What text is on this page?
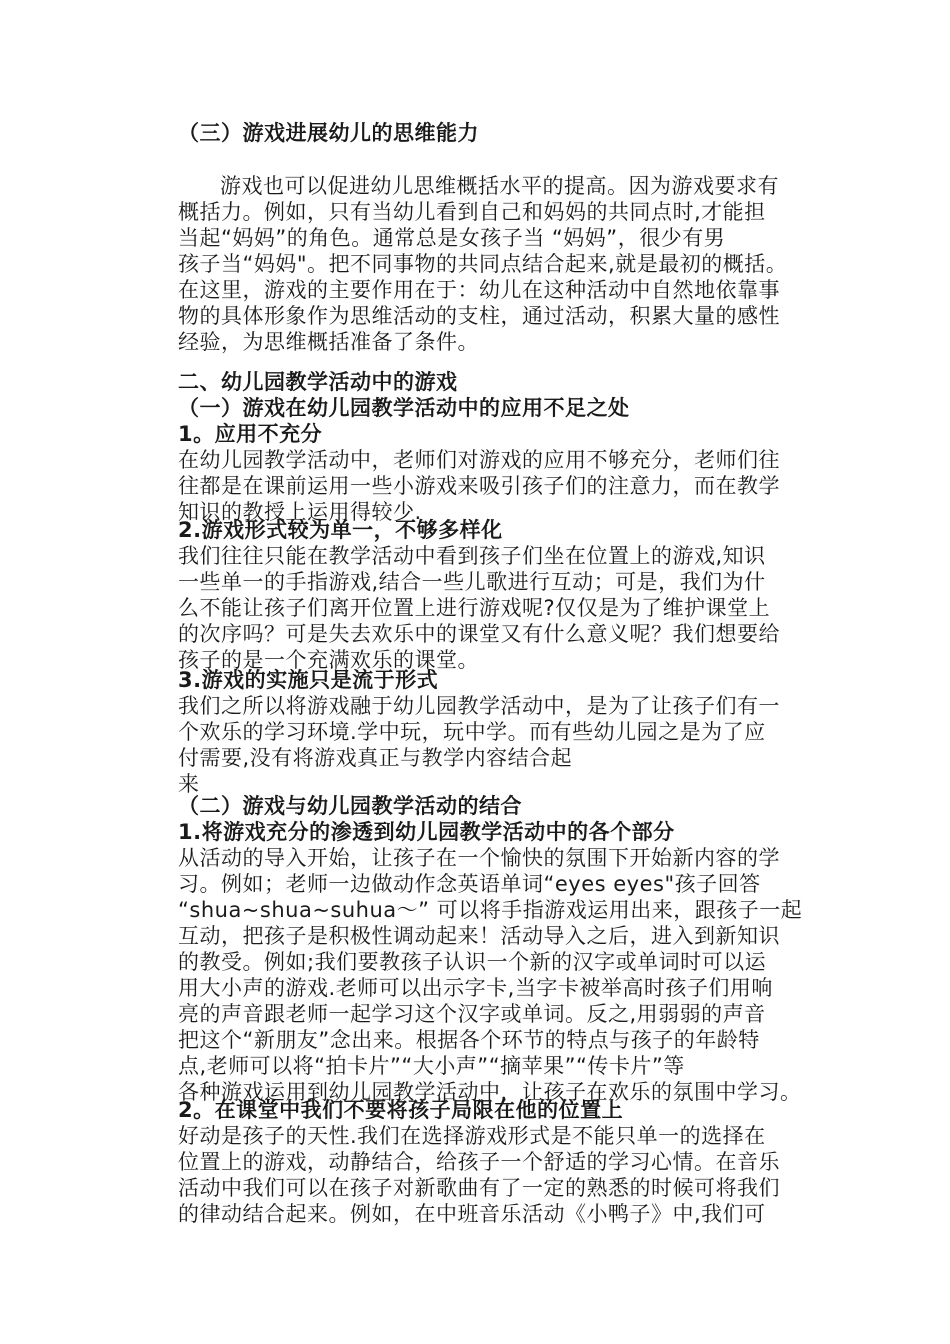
（三）游戏进展幼儿的思维能力
游戏也可以促进幼儿思维概括水平的提高。因为游戏要求有
概括力。例如，只有当幼儿看到自己和妈妈的共同点时,才能担
当起“妈妈”的角色。通常总是女孩子当 “妈妈”，很少有男
孩子当“妈妈"。把不同事物的共同点结合起来,就是最初的概括。
在这里，游戏的主要作用在于：幼儿在这种活动中自然地依靠事
物的具体形象作为思维活动的支柱，通过活动，积累大量的感性
经验，为思维概括准备了条件。
二、幼儿园教学活动中的游戏
（一）游戏在幼儿园教学活动中的应用不足之处
1。应用不充分
在幼儿园教学活动中，老师们对游戏的应用不够充分，老师们往
往都是在课前运用一些小游戏来吸引孩子们的注意力，而在教学
知识的教授上运用得较少.
2.游戏形式较为单一，不够多样化
我们往往只能在教学活动中看到孩子们坐在位置上的游戏,知识
一些单一的手指游戏,结合一些儿歌进行互动；可是，我们为什
么不能让孩子们离开位置上进行游戏呢?仅仅是为了维护课堂上
的次序吗？可是失去欢乐中的课堂又有什么意义呢？我们想要给
孩子的是一个充满欢乐的课堂。
3.游戏的实施只是流于形式
我们之所以将游戏融于幼儿园教学活动中，是为了让孩子们有一
个欢乐的学习环境.学中玩，玩中学。而有些幼儿园之是为了应
付需要,没有将游戏真正与教学内容结合起
来
（二）游戏与幼儿园教学活动的结合
1.将游戏充分的渗透到幼儿园教学活动中的各个部分
从活动的导入开始，让孩子在一个愉快的氛围下开始新内容的学
习。例如；老师一边做动作念英语单词“eyes eyes"孩子回答
“shua~shua~suhua～” 可以将手指游戏运用出来，跟孩子一起
互动，把孩子是积极性调动起来！活动导入之后，进入到新知识
的教受。例如;我们要教孩子认识一个新的汉字或单词时可以运
用大小声的游戏.老师可以出示字卡,当字卡被举高时孩子们用响
亮的声音跟老师一起学习这个汉字或单词。反之,用弱弱的声音
把这个“新朋友”念出来。根据各个环节的特点与孩子的年龄特
点,老师可以将“拍卡片”“大小声”“摘苹果”“传卡片”等
各种游戏运用到幼儿园教学活动中，让孩子在欢乐的氛围中学习。
2。在课堂中我们不要将孩子局限在他的位置上
好动是孩子的天性.我们在选择游戏形式是不能只单一的选择在
位置上的游戏，动静结合，给孩子一个舒适的学习心情。在音乐
活动中我们可以在孩子对新歌曲有了一定的熟悉的时候可将我们
的律动结合起来。例如，在中班音乐活动《小鸭子》中,我们可
